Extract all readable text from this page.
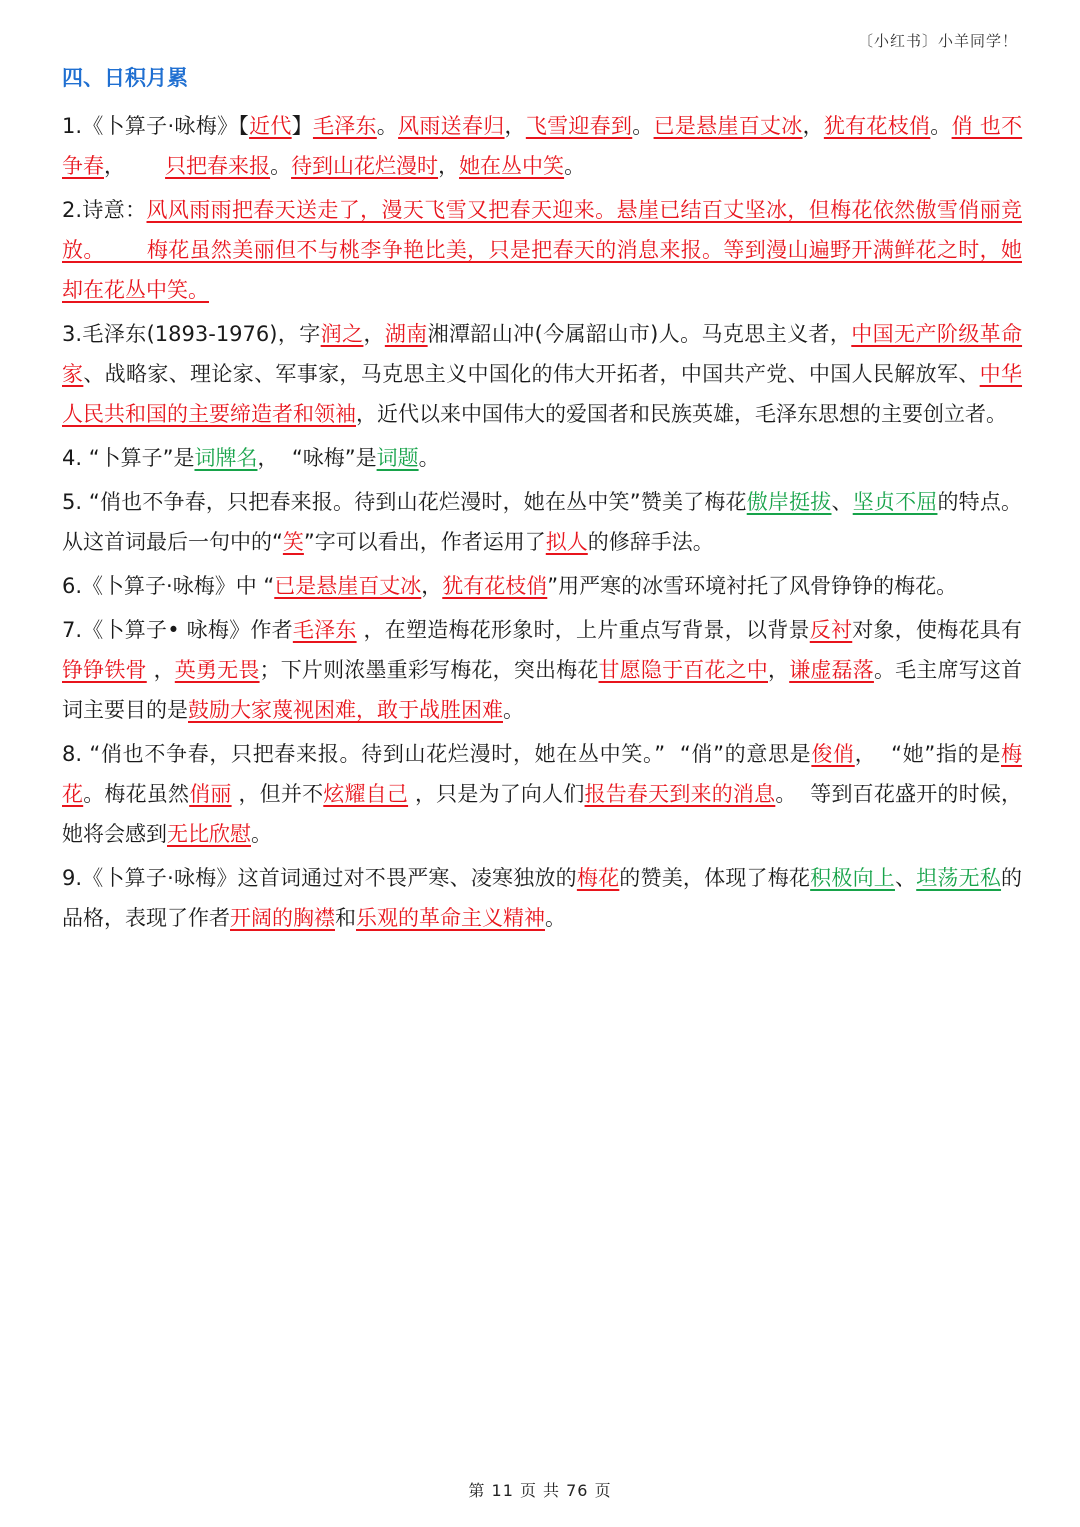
〔小红书〕小羊同学！
四、日积月累
1.《卜算子·咏梅》【近代】毛泽东。风雨送春归，飞雪迎春到。已是悬崖百丈冰，犹有花枝俏。俏 也不争春，      只把春来报。待到山花烂漫时，她在丛中笑。
2.诗意：风风雨雨把春天送走了，漫天飞雪又把春天迎来。悬崖已结百丈坚冰，但梅花依然傲雪俏丽竞放。      梅花虽然美丽但不与桃李争艳比美，只是把春天的消息来报。等到漫山遍野开满鲜花之时，她却在花丛中笑。
3.毛泽东(1893-1976)，字润之，湖南湘潭韶山冲(今属韶山市)人。马克思主义者，中国无产阶级革命家、战略家、理论家、军事家，马克思主义中国化的伟大开拓者，中国共产党、中国人民解放军、中华人民共和国的主要缔造者和领袖，近代以来中国伟大的爱国者和民族英雄，毛泽东思想的主要创立者。
4. “卜算子”是词牌名，  “咏梅”是词题。
5. “俏也不争春，只把春来报。待到山花烂漫时，她在丛中笑”赞美了梅花傲岸挺拔、坚贞不屈的特点。从这首词最后一句中的“笑”字可以看出，作者运用了拟人的修辞手法。
6.《卜算子·咏梅》中 “已是悬崖百丈冰，犹有花枝俏”用严寒的冰雪环境衬托了风骨铮铮的梅花。
7.《卜算子• 咏梅》作者毛泽东 ，在塑造梅花形象时，上片重点写背景，以背景反衬对象，使梅花具有铮铮铁骨 ，英勇无畏；下片则浓墨重彩写梅花，突出梅花甘愿隐于百花之中，谦虚磊落。毛主席写这首词主要目的是鼓励大家蔑视困难，敢于战胜困难。
8. “俏也不争春，只把春来报。待到山花烂漫时，她在丛中笑。”  “俏”的意思是俊俏，  “她”指的是梅花。梅花虽然俏丽 ，但并不炫耀自己 ，只是为了向人们报告春天到来的消息。  等到百花盛开的时候，她将会感到无比欣慰。
9.《卜算子·咏梅》这首词通过对不畏严寒、凌寒独放的梅花的赞美，体现了梅花积极向上、坦荡无私的品格，表现了作者开阔的胸襟和乐观的革命主义精神。
第 11 页 共 76 页
